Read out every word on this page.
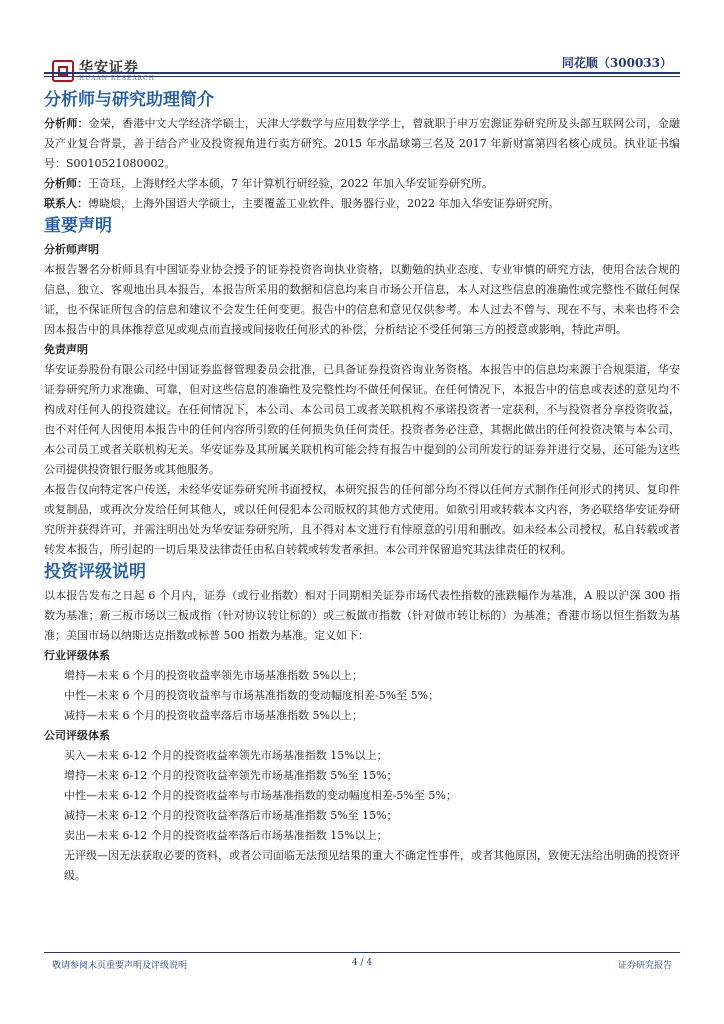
华安证券
HUAAN RESEARCH
同花顺（300033）
分析师与研究助理简介

分析师：金荣，香港中文大学经济学硕士，天津大学数学与应用数学学士，曾就职于申万宏源证券研究所及头部互联网公司，金融及产业复合背景，善于结合产业及投资视角进行卖方研究。2015 年水晶球第三名及 2017 年新财富第四名核心成员。执业证书编号：S0010521080002。

分析师：王奇珏，上海财经大学本硕，7 年计算机行研经验，2022 年加入华安证券研究所。

联系人：傅晓烺，上海外国语大学硕士，主要覆盖工业软件、服务器行业，2022 年加入华安证券研究所。

重要声明
分析师声明

本报告署名分析师具有中国证券业协会授予的证券投资咨询执业资格，以勤勉的执业态度、专业审慎的研究方法，使用合法合规的信息，独立、客观地出具本报告，本报告所采用的数据和信息均来自市场公开信息，本人对这些信息的准确性或完整性不做任何保证，也不保证所包含的信息和建议不会发生任何变更。报告中的信息和意见仅供参考。本人过去不曾与、现在不与、未来也将不会因本报告中的具体推荐意见或观点而直接或间接收任何形式的补偿，分析结论不受任何第三方的授意或影响，特此声明。

免责声明

华安证券股份有限公司经中国证券监督管理委员会批准，已具备证券投资咨询业务资格。本报告中的信息均来源于合规渠道，华安证券研究所力求准确、可靠，但对这些信息的准确性及完整性均不做任何保证。在任何情况下，本报告中的信息或表述的意见均不构成对任何人的投资建议。在任何情况下，本公司、本公司员工或者关联机构不承诺投资者一定获利，不与投资者分享投资收益，也不对任何人因使用本报告中的任何内容所引致的任何损失负任何责任。投资者务必注意，其据此做出的任何投资决策与本公司、本公司员工或者关联机构无关。华安证券及其所属关联机构可能会持有报告中提到的公司所发行的证券并进行交易，还可能为这些公司提供投资银行服务或其他服务。

本报告仅向特定客户传送，未经华安证券研究所书面授权，本研究报告的任何部分均不得以任何方式制作任何形式的拷贝、复印件或复制品，或再次分发给任何其他人，或以任何侵犯本公司版权的其他方式使用。如欲引用或转载本文内容，务必联络华安证券研究所并获得许可，并需注明出处为华安证券研究所，且不得对本文进行有悖原意的引用和删改。如未经本公司授权，私自转载或者转发本报告，所引起的一切后果及法律责任由私自转载或转发者承担。本公司并保留追究其法律责任的权利。

投资评级说明

以本报告发布之日起 6 个月内，证券（或行业指数）相对于同期相关证券市场代表性指数的涨跌幅作为基准，A 股以沪深 300 指数为基准；新三板市场以三板成指（针对协议转让标的）或三板做市指数（针对做市转让标的）为基准；香港市场以恒生指数为基准；美国市场以纳斯达克指数或标普 500 指数为基准。定义如下：

行业评级体系

增持—未来 6 个月的投资收益率领先市场基准指数 5%以上；

中性—未来 6 个月的投资收益率与市场基准指数的变动幅度相差-5%至 5%；

减持—未来 6 个月的投资收益率落后市场基准指数 5%以上；

公司评级体系

买入—未来 6-12 个月的投资收益率领先市场基准指数 15%以上；

增持—未来 6-12 个月的投资收益率领先市场基准指数 5%至 15%；

中性—未来 6-12 个月的投资收益率与市场基准指数的变动幅度相差-5%至 5%；

减持—未来 6-12 个月的投资收益率落后市场基准指数 5%至 15%；

卖出—未来 6-12 个月的投资收益率落后市场基准指数 15%以上；

无评级—因无法获取必要的资料，或者公司面临无法预见结果的重大不确定性事件，或者其他原因，致使无法给出明确的投资评级。

敬请参阅末页重要声明及评级说明	4 / 4	证券研究报告
